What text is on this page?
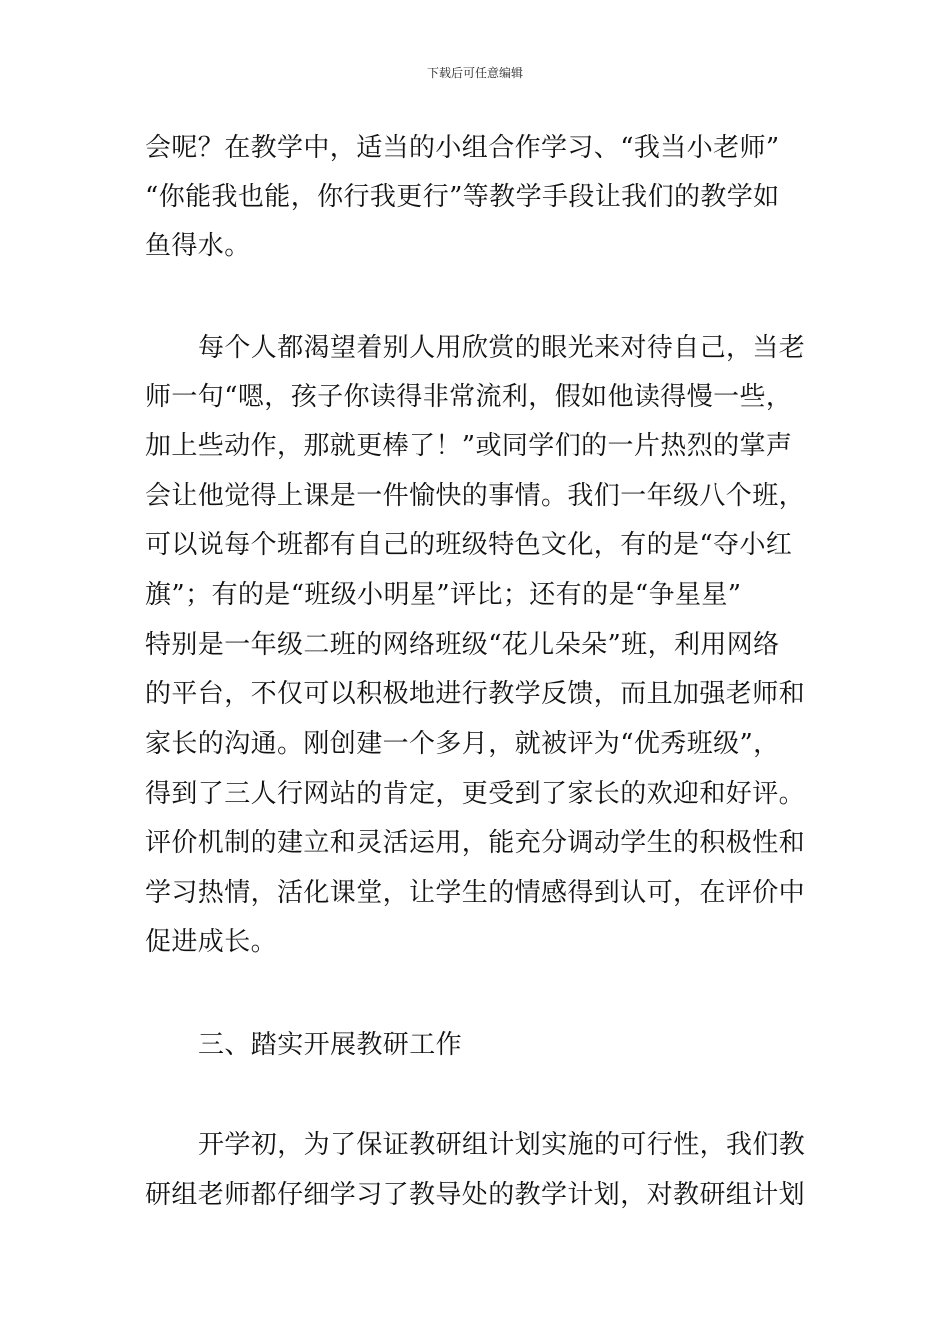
下载后可任意编辑
会呢？在教学中，适当的小组合作学习、“我当小老师”
“你能我也能，你行我更行”等教学手段让我们的教学如
鱼得水。
每个人都渴望着别人用欣赏的眼光来对待自己，当老
师一句“嗯，孩子你读得非常流利，假如他读得慢一些，
加上些动作，那就更棒了！”或同学们的一片热烈的掌声
会让他觉得上课是一件愉快的事情。我们一年级八个班，
可以说每个班都有自己的班级特色文化，有的是“夺小红
旗”；有的是“班级小明星”评比；还有的是“争星星”
特别是一年级二班的网络班级“花儿朵朵”班，利用网络
的平台，不仅可以积极地进行教学反馈，而且加强老师和
家长的沟通。刚创建一个多月，就被评为“优秀班级”，
得到了三人行网站的肯定，更受到了家长的欢迎和好评。
评价机制的建立和灵活运用，能充分调动学生的积极性和
学习热情，活化课堂，让学生的情感得到认可，在评价中
促进成长。
三、踏实开展教研工作
开学初，为了保证教研组计划实施的可行性，我们教
研组老师都仔细学习了教导处的教学计划，对教研组计划
